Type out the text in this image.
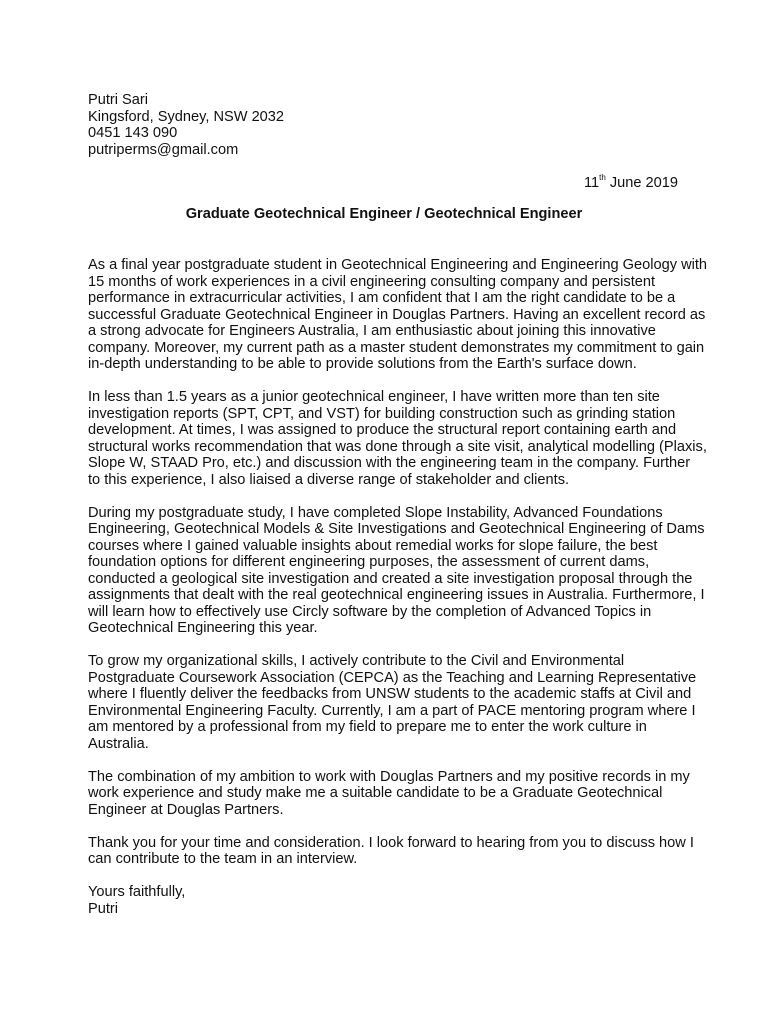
Putri Sari
Kingsford, Sydney, NSW 2032
0451 143 090
putriperms@gmail.com
11th June 2019
Graduate Geotechnical Engineer / Geotechnical Engineer
As a final year postgraduate student in Geotechnical Engineering and Engineering Geology with
15 months of work experiences in a civil engineering consulting company and persistent
performance in extracurricular activities, I am confident that I am the right candidate to be a
successful Graduate Geotechnical Engineer in Douglas Partners. Having an excellent record as
a strong advocate for Engineers Australia, I am enthusiastic about joining this innovative
company. Moreover, my current path as a master student demonstrates my commitment to gain
in-depth understanding to be able to provide solutions from the Earth's surface down.
In less than 1.5 years as a junior geotechnical engineer, I have written more than ten site
investigation reports (SPT, CPT, and VST) for building construction such as grinding station
development. At times, I was assigned to produce the structural report containing earth and
structural works recommendation that was done through a site visit, analytical modelling (Plaxis,
Slope W, STAAD Pro, etc.) and discussion with the engineering team in the company. Further
to this experience, I also liaised a diverse range of stakeholder and clients.
During my postgraduate study, I have completed Slope Instability, Advanced Foundations
Engineering, Geotechnical Models & Site Investigations and Geotechnical Engineering of Dams
courses where I gained valuable insights about remedial works for slope failure, the best
foundation options for different engineering purposes, the assessment of current dams,
conducted a geological site investigation and created a site investigation proposal through the
assignments that dealt with the real geotechnical engineering issues in Australia. Furthermore, I
will learn how to effectively use Circly software by the completion of Advanced Topics in
Geotechnical Engineering this year.
To grow my organizational skills, I actively contribute to the Civil and Environmental
Postgraduate Coursework Association (CEPCA) as the Teaching and Learning Representative
where I fluently deliver the feedbacks from UNSW students to the academic staffs at Civil and
Environmental Engineering Faculty. Currently, I am a part of PACE mentoring program where I
am mentored by a professional from my field to prepare me to enter the work culture in
Australia.
The combination of my ambition to work with Douglas Partners and my positive records in my
work experience and study make me a suitable candidate to be a Graduate Geotechnical
Engineer at Douglas Partners.
Thank you for your time and consideration. I look forward to hearing from you to discuss how I
can contribute to the team in an interview.
Yours faithfully,
Putri
